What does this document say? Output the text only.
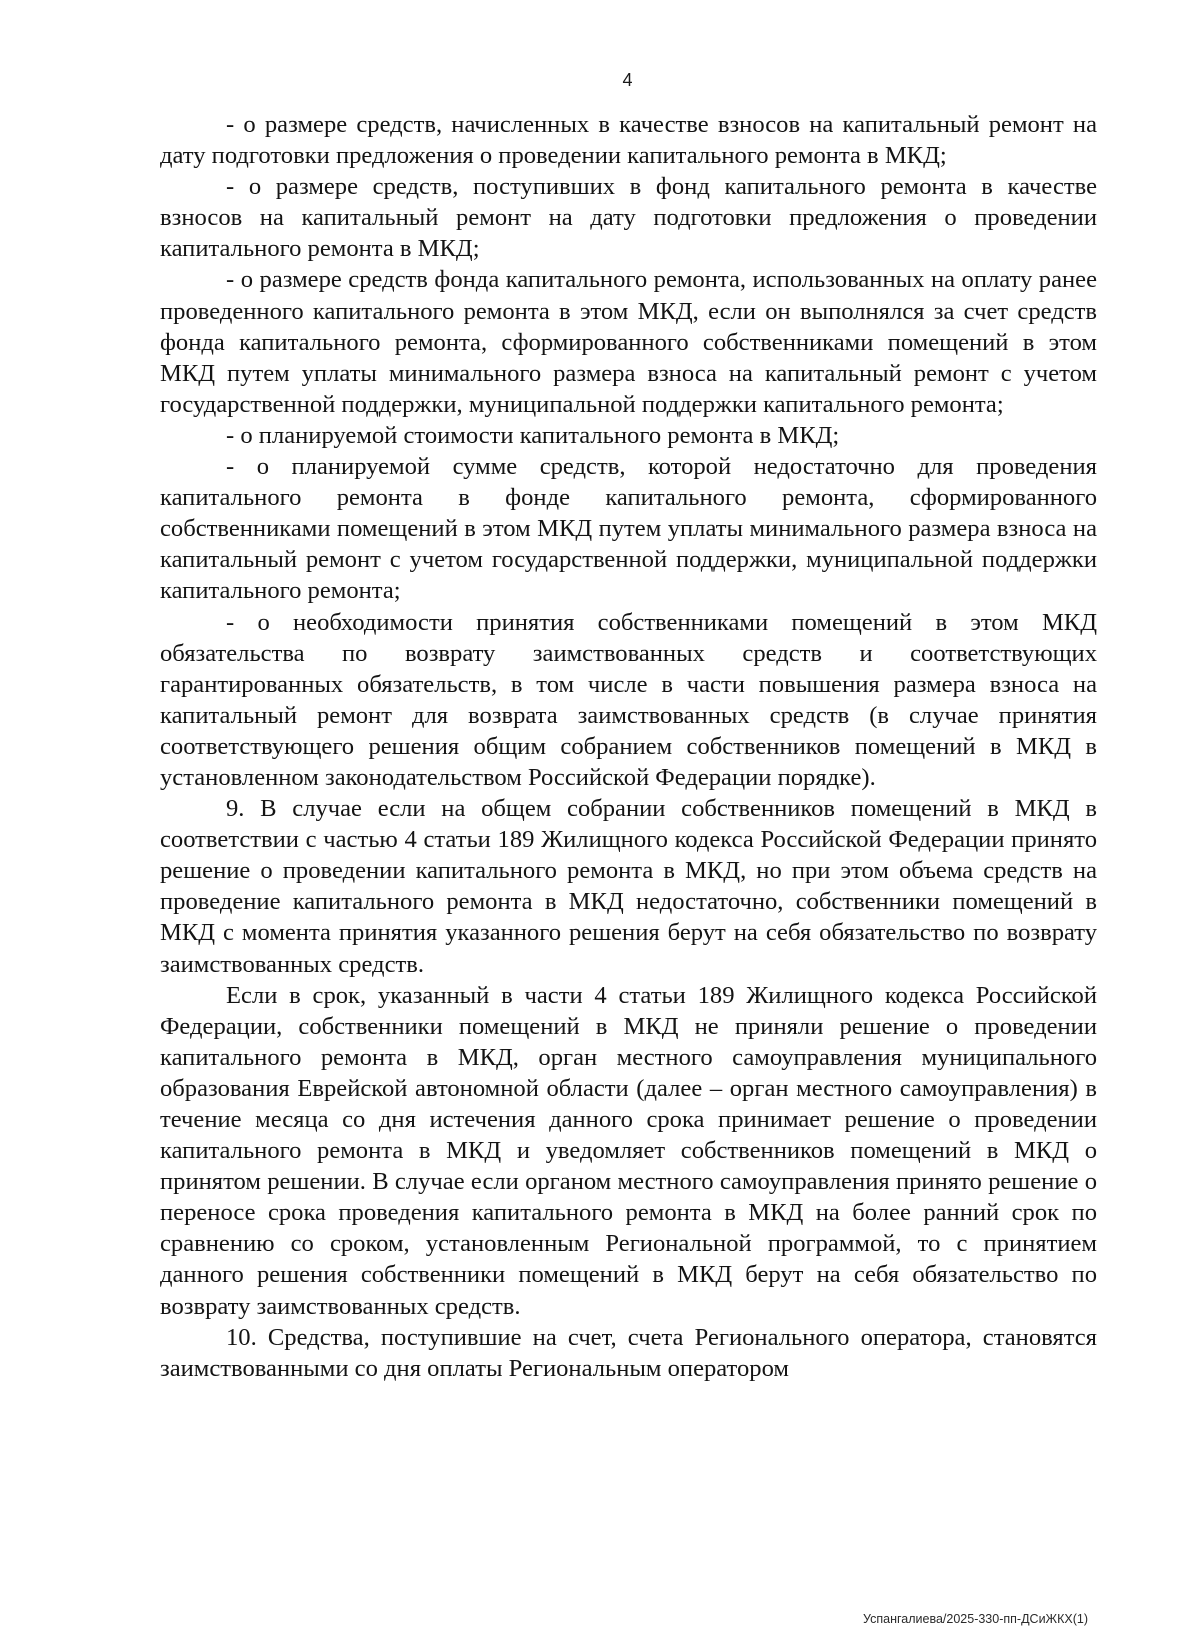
4

- о размере средств, начисленных в качестве взносов на капитальный ремонт на дату подготовки предложения о проведении капитального ремонта в МКД;

- о размере средств, поступивших в фонд капитального ремонта в качестве взносов на капитальный ремонт на дату подготовки предложения о проведении капитального ремонта в МКД;

- о размере средств фонда капитального ремонта, использованных на оплату ранее проведенного капитального ремонта в этом МКД, если он выполнялся за счет средств фонда капитального ремонта, сформированного собственниками помещений в этом МКД путем уплаты минимального размера взноса на капитальный ремонт с учетом государственной поддержки, муниципальной поддержки капитального ремонта;

- о планируемой стоимости капитального ремонта в МКД;

- о планируемой сумме средств, которой недостаточно для проведения капитального ремонта в фонде капитального ремонта, сформированного собственниками помещений в этом МКД путем уплаты минимального размера взноса на капитальный ремонт с учетом государственной поддержки, муниципальной поддержки капитального ремонта;

- о необходимости принятия собственниками помещений в этом МКД обязательства по возврату заимствованных средств и соответствующих гарантированных обязательств, в том числе в части повышения размера взноса на капитальный ремонт для возврата заимствованных средств (в случае принятия соответствующего решения общим собранием собственников помещений в МКД в установленном законодательством Российской Федерации порядке).

9. В случае если на общем собрании собственников помещений в МКД в соответствии с частью 4 статьи 189 Жилищного кодекса Российской Федерации принято решение о проведении капитального ремонта в МКД, но при этом объема средств на проведение капитального ремонта в МКД недостаточно, собственники помещений в МКД с момента принятия указанного решения берут на себя обязательство по возврату заимствованных средств.

Если в срок, указанный в части 4 статьи 189 Жилищного кодекса Российской Федерации, собственники помещений в МКД не приняли решение о проведении капитального ремонта в МКД, орган местного самоуправления муниципального образования Еврейской автономной области (далее – орган местного самоуправления) в течение месяца со дня истечения данного срока принимает решение о проведении капитального ремонта в МКД и уведомляет собственников помещений в МКД о принятом решении. В случае если органом местного самоуправления принято решение о переносе срока проведения капитального ремонта в МКД на более ранний срок по сравнению со сроком, установленным Региональной программой, то с принятием данного решения собственники помещений в МКД берут на себя обязательство по возврату заимствованных средств.

10. Средства, поступившие на счет, счета Регионального оператора, становятся заимствованными со дня оплаты Региональным оператором

Успангалиева/2025-330-пп-ДСиЖКХ(1)
